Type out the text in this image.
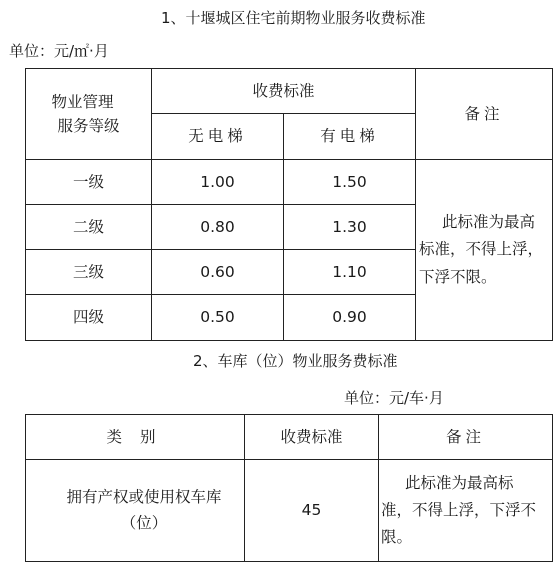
1、十堰城区住宅前期物业服务收费标准
单位：元/㎡·月
物业管理
服务等级	收费标准		备注
	无电梯	有电梯	
一级	1.00	1.50	此标准为最高
标准，不得上浮，下浮不限。
二级	0.80	1.30	
三级	0.60	1.10	
四级	0.50	0.90	
2、车库（位）物业服务费标准
单位：元/车·月
类别	收费标准	备注
拥有产权或使用权车库（位）	45	此标准为最高标
准，不得上浮，下浮不限。
